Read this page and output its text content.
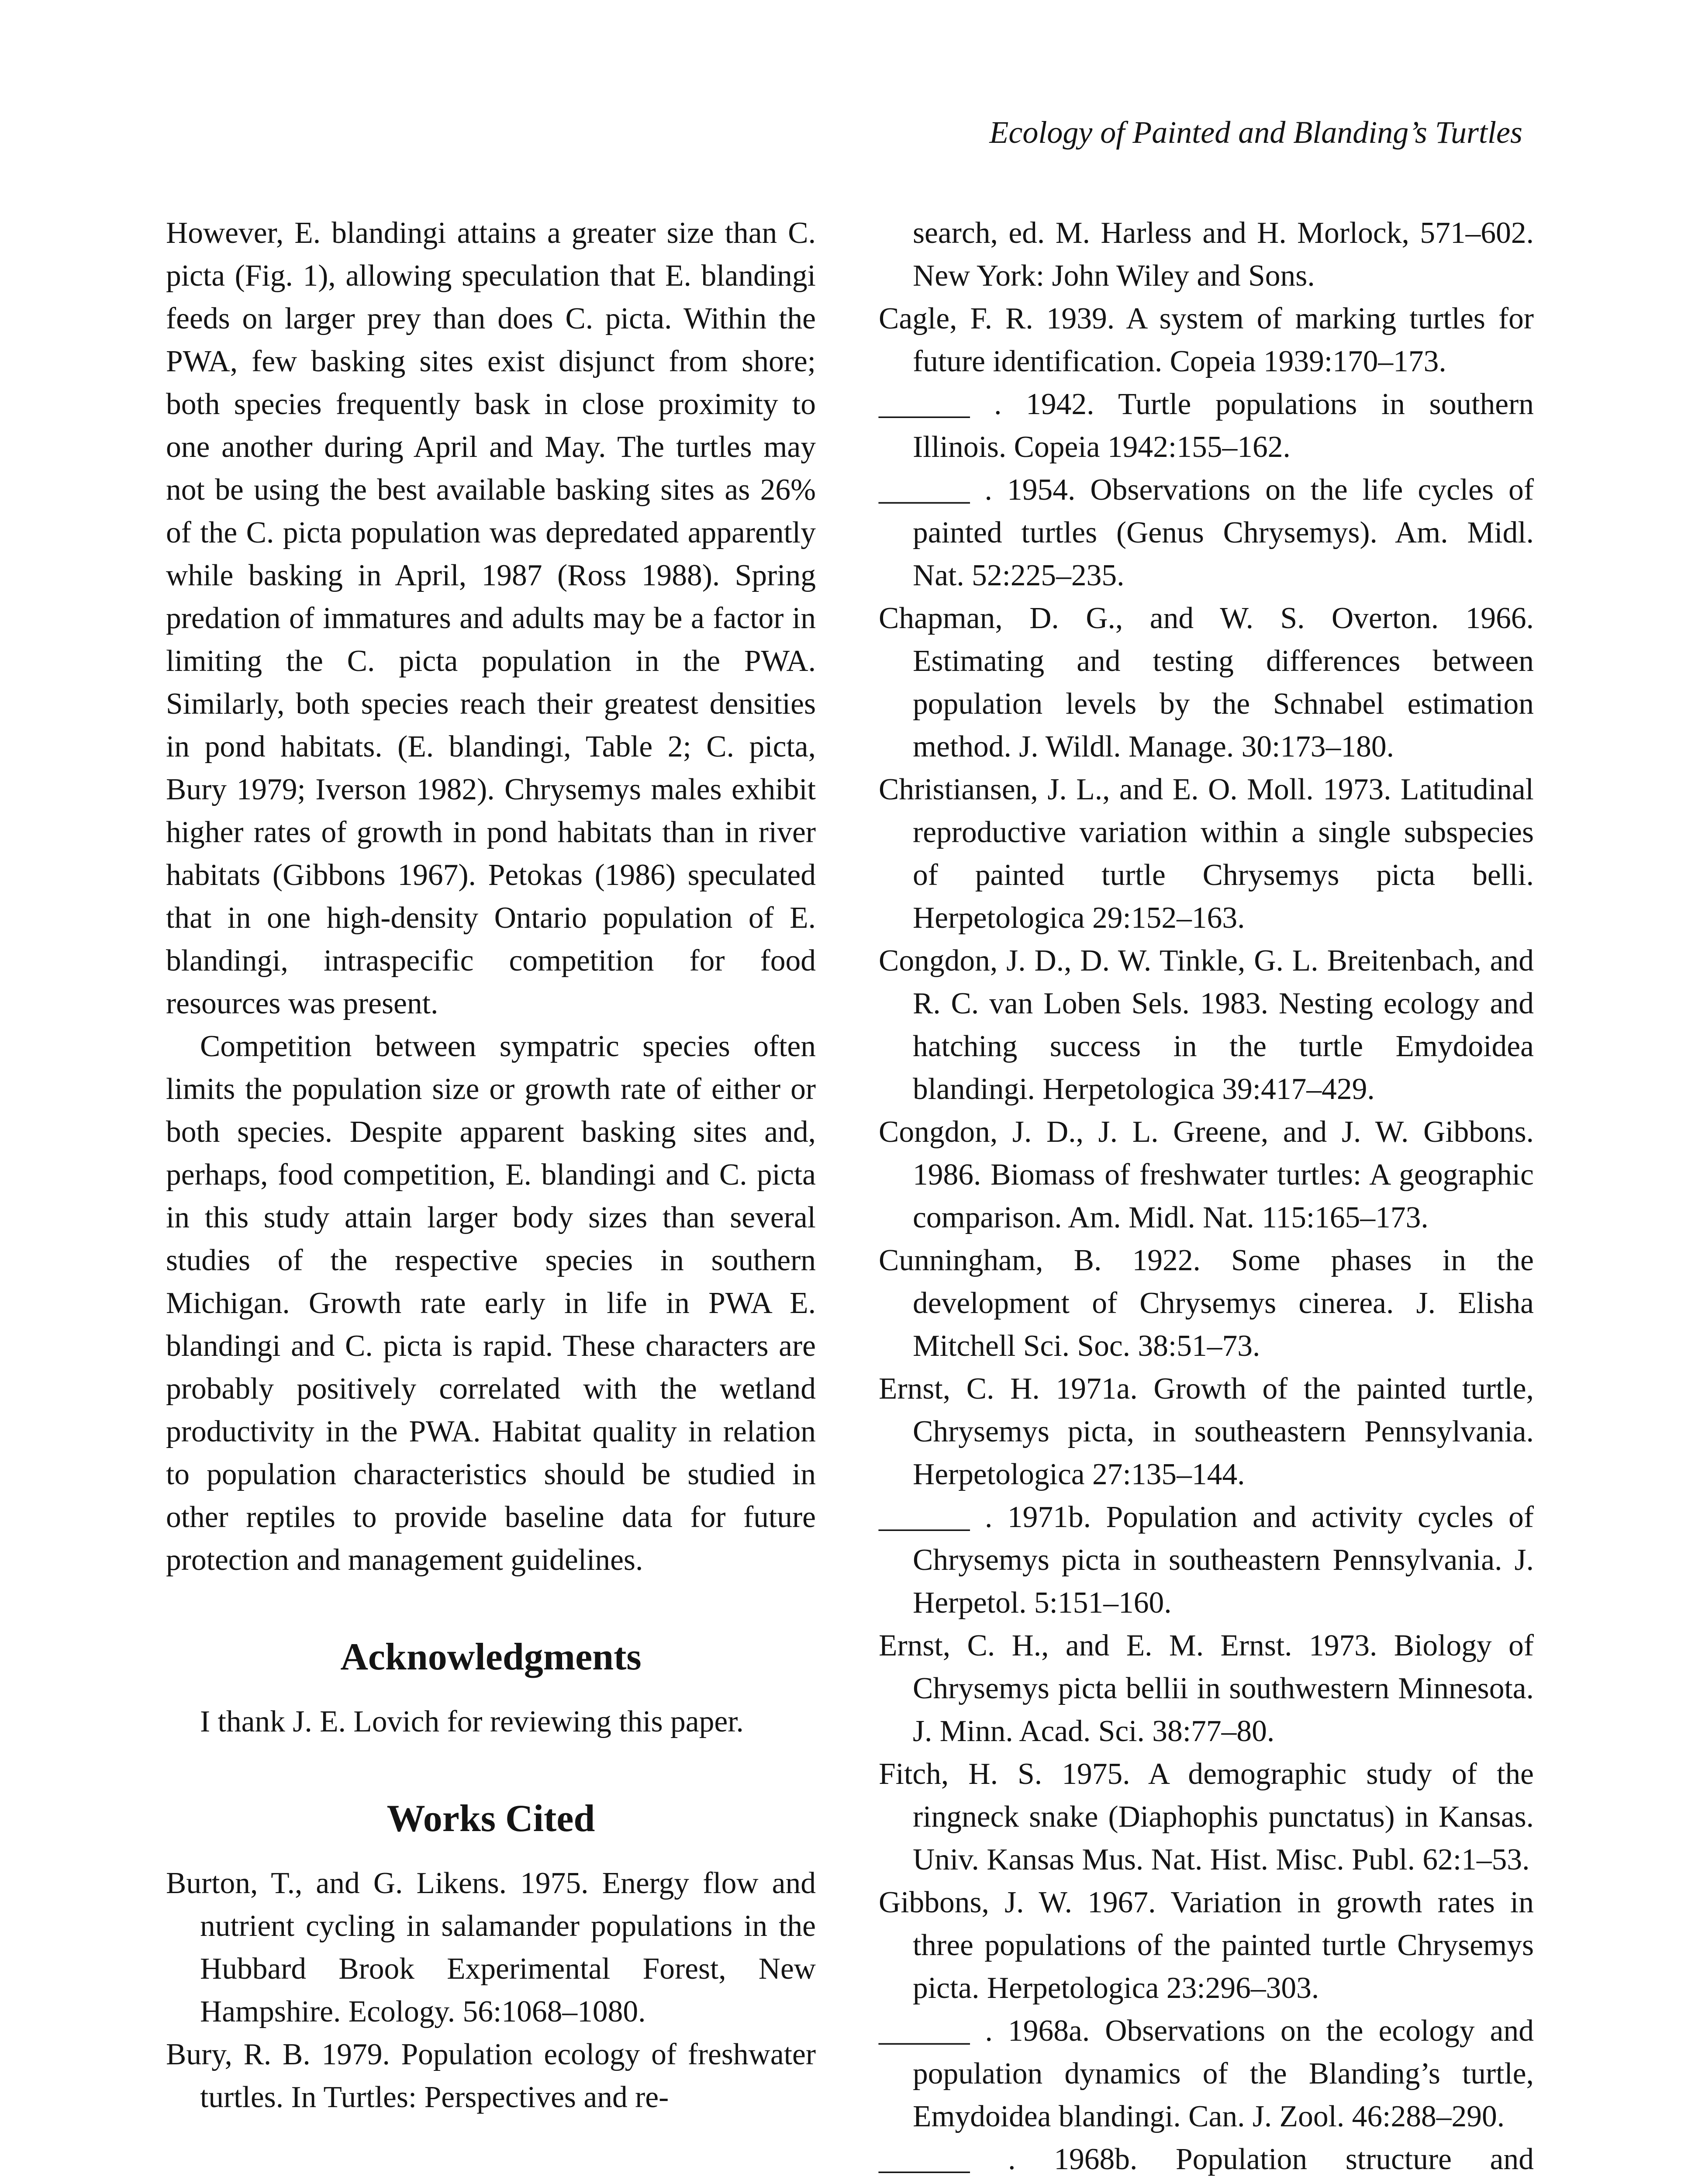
Ecology of Painted and Blanding’s Turtles

However, E. blandingi attains a greater size than C. picta (Fig. 1), allowing speculation that E. blandingi feeds on larger prey than does C. picta. Within the PWA, few basking sites exist disjunct from shore; both species frequently bask in close proximity to one another during April and May. The turtles may not be using the best available basking sites as 26% of the C. picta population was depredated apparently while basking in April, 1987 (Ross 1988). Spring predation of immatures and adults may be a factor in limiting the C. picta population in the PWA. Similarly, both species reach their greatest densities in pond habitats. (E. blandingi, Table 2; C. picta, Bury 1979; Iverson 1982). Chrysemys males exhibit higher rates of growth in pond habitats than in river habitats (Gibbons 1967). Petokas (1986) speculated that in one high-density Ontario population of E. blandingi, intraspecific competition for food resources was present.

Competition between sympatric species often limits the population size or growth rate of either or both species. Despite apparent basking sites and, perhaps, food competition, E. blandingi and C. picta in this study attain larger body sizes than several studies of the respective species in southern Michigan. Growth rate early in life in PWA E. blandingi and C. picta is rapid. These characters are probably positively correlated with the wetland productivity in the PWA. Habitat quality in relation to population characteristics should be studied in other reptiles to provide baseline data for future protection and management guidelines.

Acknowledgments

I thank J. E. Lovich for reviewing this paper.

Works Cited

Burton, T., and G. Likens. 1975. Energy flow and nutrient cycling in salamander populations in the Hubbard Brook Experimental Forest, New Hampshire. Ecology. 56:1068–1080.

Bury, R. B. 1979. Population ecology of freshwater turtles. In Turtles: Perspectives and re-

search, ed. M. Harless and H. Morlock, 571–602. New York: John Wiley and Sons.

Cagle, F. R. 1939. A system of marking turtles for future identification. Copeia 1939:170–173.

______ . 1942. Turtle populations in southern Illinois. Copeia 1942:155–162.

______ . 1954. Observations on the life cycles of painted turtles (Genus Chrysemys). Am. Midl. Nat. 52:225–235.

Chapman, D. G., and W. S. Overton. 1966. Estimating and testing differences between population levels by the Schnabel estimation method. J. Wildl. Manage. 30:173–180.

Christiansen, J. L., and E. O. Moll. 1973. Latitudinal reproductive variation within a single subspecies of painted turtle Chrysemys picta belli. Herpetologica 29:152–163.

Congdon, J. D., D. W. Tinkle, G. L. Breitenbach, and R. C. van Loben Sels. 1983. Nesting ecology and hatching success in the turtle Emydoidea blandingi. Herpetologica 39:417–429.

Congdon, J. D., J. L. Greene, and J. W. Gibbons. 1986. Biomass of freshwater turtles: A geographic comparison. Am. Midl. Nat. 115:165–173.

Cunningham, B. 1922. Some phases in the development of Chrysemys cinerea. J. Elisha Mitchell Sci. Soc. 38:51–73.

Ernst, C. H. 1971a. Growth of the painted turtle, Chrysemys picta, in southeastern Pennsylvania. Herpetologica 27:135–144.

______ . 1971b. Population and activity cycles of Chrysemys picta in southeastern Pennsylvania. J. Herpetol. 5:151–160.

Ernst, C. H., and E. M. Ernst. 1973. Biology of Chrysemys picta bellii in southwestern Minnesota. J. Minn. Acad. Sci. 38:77–80.

Fitch, H. S. 1975. A demographic study of the ringneck snake (Diaphophis punctatus) in Kansas. Univ. Kansas Mus. Nat. Hist. Misc. Publ. 62:1–53.

Gibbons, J. W. 1967. Variation in growth rates in three populations of the painted turtle Chrysemys picta. Herpetologica 23:296–303.

______ . 1968a. Observations on the ecology and population dynamics of the Blanding’s turtle, Emydoidea blandingi. Can. J. Zool. 46:288–290.

______ . 1968b. Population structure and
